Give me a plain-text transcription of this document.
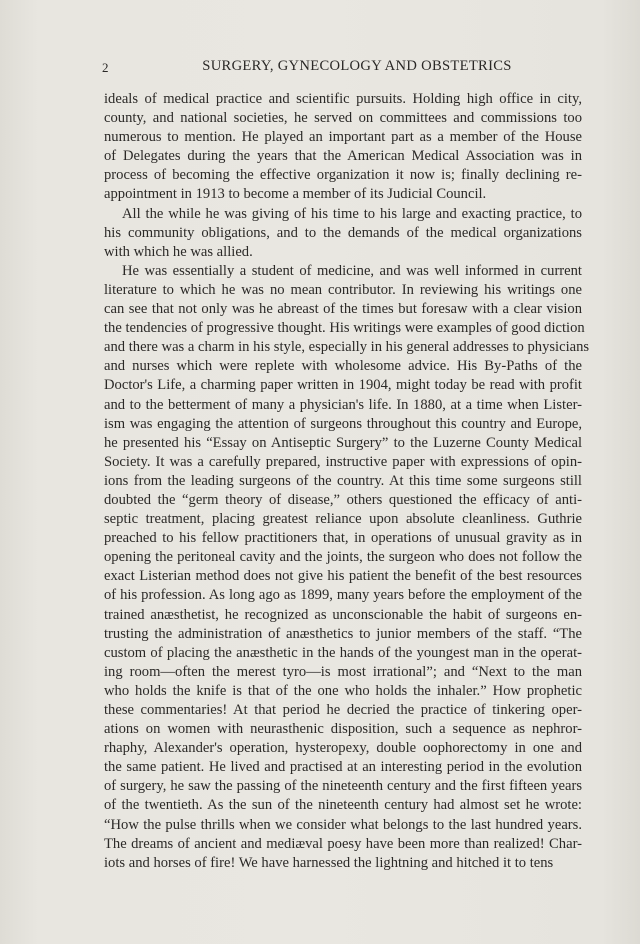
2	SURGERY, GYNECOLOGY AND OBSTETRICS

ideals of medical practice and scientific pursuits. Holding high office in city,
county, and national societies, he served on committees and commissions too
numerous to mention. He played an important part as a member of the House
of Delegates during the years that the American Medical Association was in
process of becoming the effective organization it now is; finally declining re-
appointment in 1913 to become a member of its Judicial Council.

All the while he was giving of his time to his large and exacting practice, to
his community obligations, and to the demands of the medical organizations
with which he was allied.

He was essentially a student of medicine, and was well informed in current
literature to which he was no mean contributor. In reviewing his writings one
can see that not only was he abreast of the times but foresaw with a clear vision
the tendencies of progressive thought. His writings were examples of good diction
and there was a charm in his style, especially in his general addresses to physicians
and nurses which were replete with wholesome advice. His By-Paths of the
Doctor's Life, a charming paper written in 1904, might today be read with profit
and to the betterment of many a physician's life. In 1880, at a time when Lister-
ism was engaging the attention of surgeons throughout this country and Europe,
he presented his “Essay on Antiseptic Surgery” to the Luzerne County Medical
Society. It was a carefully prepared, instructive paper with expressions of opin-
ions from the leading surgeons of the country. At this time some surgeons still
doubted the “germ theory of disease,” others questioned the efficacy of anti-
septic treatment, placing greatest reliance upon absolute cleanliness. Guthrie
preached to his fellow practitioners that, in operations of unusual gravity as in
opening the peritoneal cavity and the joints, the surgeon who does not follow the
exact Listerian method does not give his patient the benefit of the best resources
of his profession. As long ago as 1899, many years before the employment of the
trained anæsthetist, he recognized as unconscionable the habit of surgeons en-
trusting the administration of anæsthetics to junior members of the staff. “The
custom of placing the anæsthetic in the hands of the youngest man in the operat-
ing room—often the merest tyro—is most irrational”; and “Next to the man
who holds the knife is that of the one who holds the inhaler.” How prophetic
these commentaries! At that period he decried the practice of tinkering oper-
ations on women with neurasthenic disposition, such a sequence as nephror-
rhaphy, Alexander's operation, hysteropexy, double oophorectomy in one and
the same patient. He lived and practised at an interesting period in the evolution
of surgery, he saw the passing of the nineteenth century and the first fifteen years
of the twentieth. As the sun of the nineteenth century had almost set he wrote:
“How the pulse thrills when we consider what belongs to the last hundred years.
The dreams of ancient and mediæval poesy have been more than realized! Char-
iots and horses of fire! We have harnessed the lightning and hitched it to tens
